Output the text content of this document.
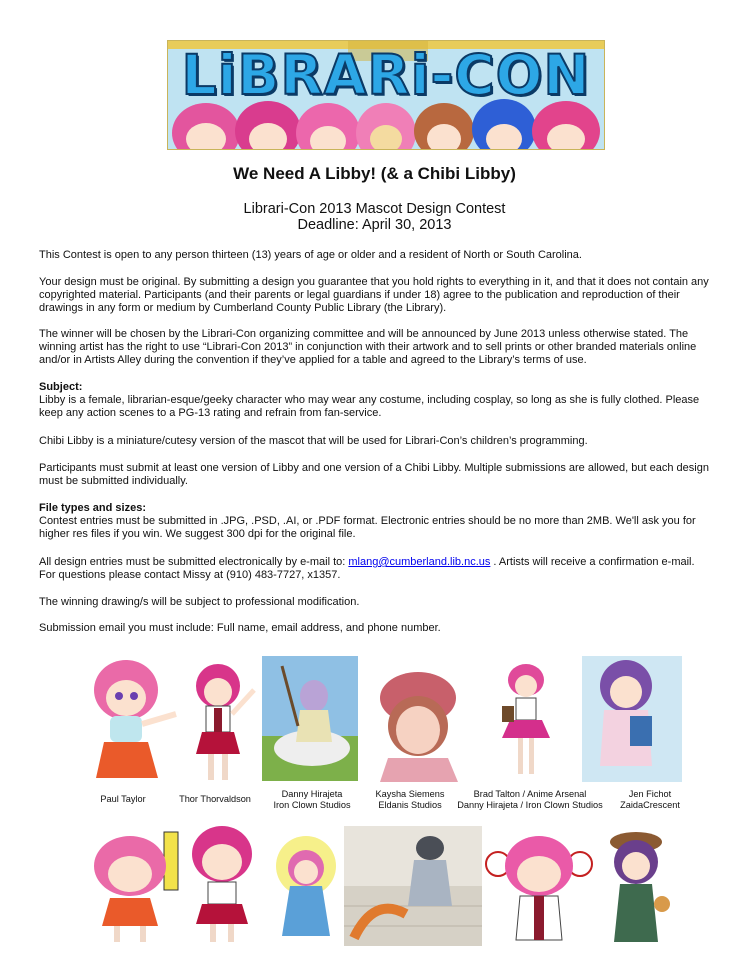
LiBRARi-CON
We Need A Libby! (& a Chibi Libby)
Librari-Con 2013 Mascot Design Contest
Deadline: April 30, 2013

This Contest is open to any person thirteen (13) years of age or older and a resident of North or South Carolina.

Your design must be original. By submitting a design you guarantee that you hold rights to everything in it, and that it does not contain any copyrighted material. Participants (and their parents or legal guardians if under 18) agree to the publication and reproduction of their drawings in any form or medium by Cumberland County Public Library (the Library).

The winner will be chosen by the Librari-Con organizing committee and will be announced by June 2013 unless otherwise stated. The winning artist has the right to use “Librari-Con 2013” in conjunction with their artwork and to sell prints or other branded materials online and/or in Artists Alley during the convention if they’ve applied for a table and agreed to the Library’s terms of use.

Subject:
Libby is a female, librarian-esque/geeky character who may wear any costume, including cosplay, so long as she is fully clothed. Please keep any action scenes to a PG-13 rating and refrain from fan-service.

Chibi Libby is a miniature/cutesy version of the mascot that will be used for Librari-Con’s children’s programming.

Participants must submit at least one version of Libby and one version of a Chibi Libby. Multiple submissions are allowed, but each design must be submitted individually.

File types and sizes:
Contest entries must be submitted in .JPG, .PSD, .AI, or .PDF format. Electronic entries should be no more than 2MB. We'll ask you for higher res files if you win. We suggest 300 dpi for the original file.

All design entries must be submitted electronically by e-mail to: mlang@cumberland.lib.nc.us . Artists will receive a confirmation e-mail. For questions please contact Missy at (910) 483-7727, x1357.

The winning drawing/s will be subject to professional modification.

Submission email you must include: Full name, email address, and phone number.

Paul Taylor	Thor Thorvaldson	Danny Hirajeta
Iron Clown Studios
Kaysha Siemens
Eldanis Studios
Brad Talton / Anime Arsenal
Danny Hirajeta / Iron Clown Studios
Jen Fichot
ZaidaCrescent
